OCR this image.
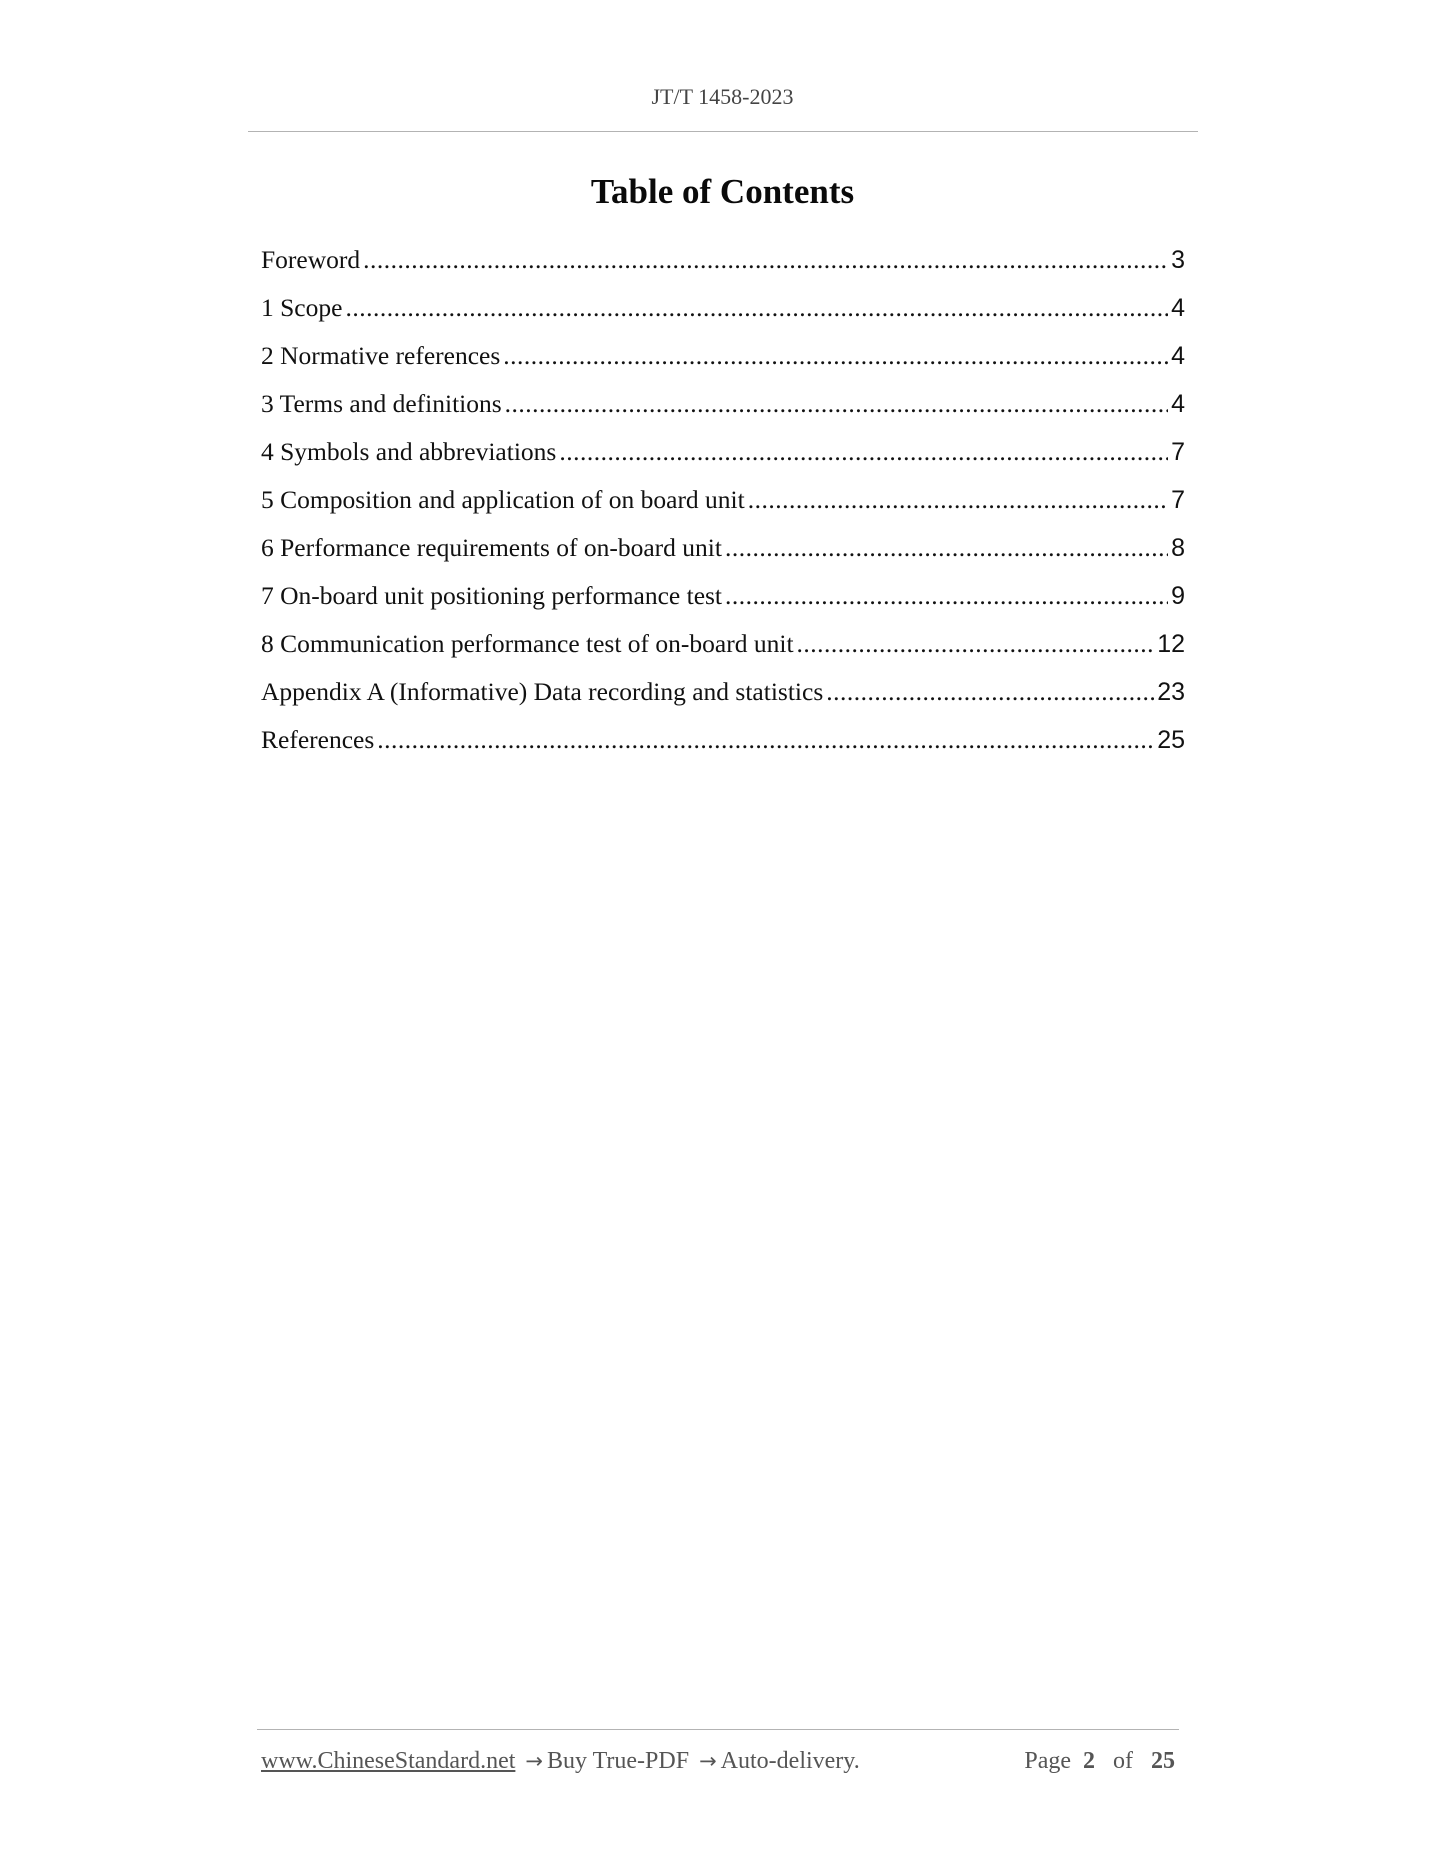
JT/T 1458-2023
Table of Contents
Foreword .....	3
1 Scope .....	4
2 Normative references .....	4
3 Terms and definitions .....	4
4 Symbols and abbreviations .....	7
5 Composition and application of on board unit .....	7
6 Performance requirements of on-board unit .....	8
7 On-board unit positioning performance test .....	9
8 Communication performance test of on-board unit .....	12
Appendix A (Informative) Data recording and statistics .....	23
References .....	25
www.ChineseStandard.net → Buy True-PDF → Auto-delivery.	Page 2 of 25
